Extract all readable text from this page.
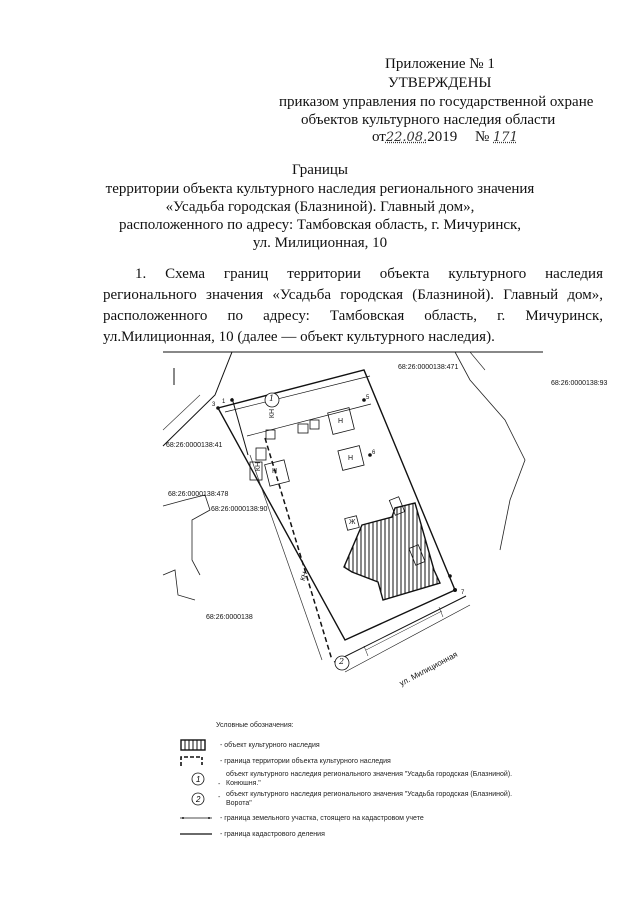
Приложение № 1
УТВЕРЖДЕНЫ
приказом управления по государственной охране
объектов культурного наследия области
от22.08.2019 № 171
Границы
территории объекта культурного наследия регионального значения
«Усадьба городская (Блазниной). Главный дом»,
расположенного по адресу: Тамбовская область, г. Мичуринск,
ул. Милиционная, 10
1. Схема границ территории объекта культурного наследия
регионального значения «Усадьба городская (Блазниной). Главный дом»,
расположенного по адресу: Тамбовская область, г. Мичуринск,
ул.Милиционная, 10 (далее — объект культурного наследия).
68:26:0000138:471
68:26:0000138:93
68:26:0000138:41
68:26:0000138:478
68:26:0000138:90
68:26:0000138
ул. Милиционная
1
2
КН
КН
КН
Н
Н
Н
Ж
1
3
5
6
7
Условные обозначения:
- объект культурного наследия
- граница территории объекта культурного наследия
1
-
объект культурного наследия регионального значения "Усадьба городская (Блазниной). Конюшня."
2	- объект культурного наследия регионального значения "Усадьба городская (Блазниной). Ворота"
- граница земельного участка, стоящего на кадастровом учете
- граница кадастрового деления
